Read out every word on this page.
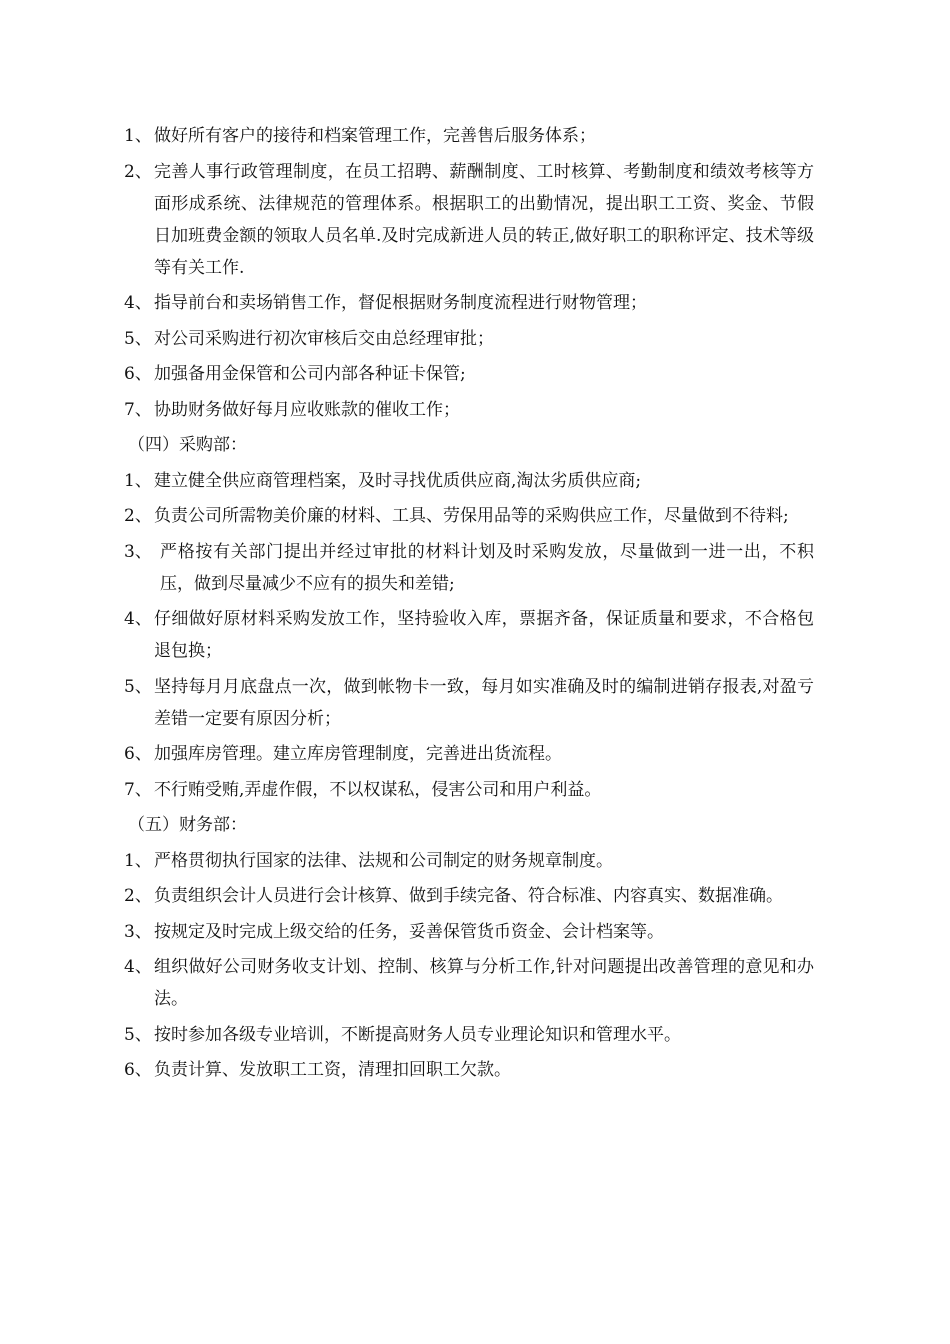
1、 做好所有客户的接待和档案管理工作，完善售后服务体系；
2、 完善人事行政管理制度，在员工招聘、薪酬制度、工时核算、考勤制度和绩效考核等方面形成系统、法律规范的管理体系。根据职工的出勤情况，提出职工工资、奖金、节假日加班费金额的领取人员名单.及时完成新进人员的转正,做好职工的职称评定、技术等级等有关工作.
4、 指导前台和卖场销售工作，督促根据财务制度流程进行财物管理；
5、 对公司采购进行初次审核后交由总经理审批；
6、 加强备用金保管和公司内部各种证卡保管;
7、 协助财务做好每月应收账款的催收工作；
（四）采购部：
1、 建立健全供应商管理档案，及时寻找优质供应商,淘汰劣质供应商;
2、 负责公司所需物美价廉的材料、工具、劳保用品等的采购供应工作，尽量做到不待料;
3、 严格按有关部门提出并经过审批的材料计划及时采购发放，尽量做到一进一出，不积压，做到尽量减少不应有的损失和差错;
4、 仔细做好原材料采购发放工作，坚持验收入库，票据齐备，保证质量和要求，不合格包退包换；
5、 坚持每月月底盘点一次，做到帐物卡一致，每月如实准确及时的编制进销存报表,对盈亏差错一定要有原因分析；
6、 加强库房管理。建立库房管理制度，完善进出货流程。
7、 不行贿受贿,弄虚作假，不以权谋私，侵害公司和用户利益。
（五）财务部：
1、 严格贯彻执行国家的法律、法规和公司制定的财务规章制度。
2、 负责组织会计人员进行会计核算、做到手续完备、符合标准、内容真实、数据准确。
3、 按规定及时完成上级交给的任务，妥善保管货币资金、会计档案等。
4、 组织做好公司财务收支计划、控制、核算与分析工作,针对问题提出改善管理的意见和办法。
5、 按时参加各级专业培训，不断提高财务人员专业理论知识和管理水平。
6、 负责计算、发放职工工资，清理扣回职工欠款。
